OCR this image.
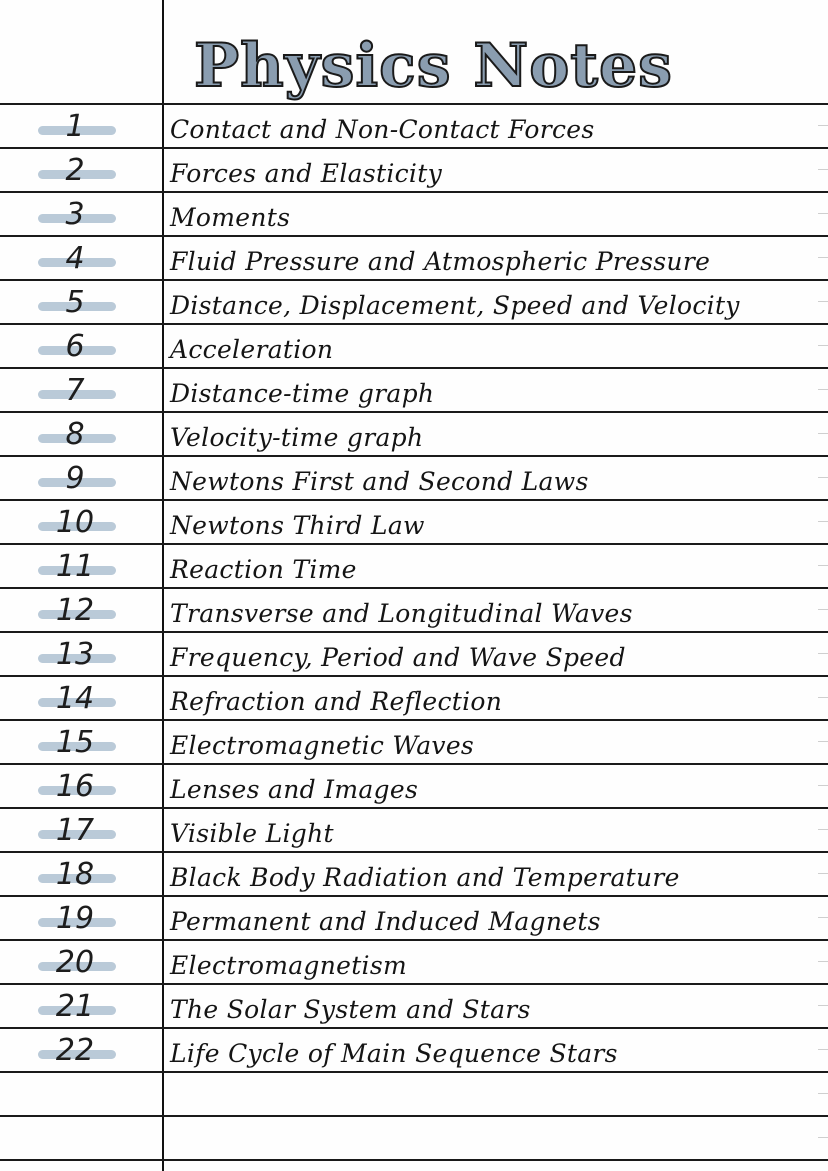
Physics Notes
1	Contact and Non-Contact Forces
2	Forces and Elasticity
3	Moments
4	Fluid Pressure and Atmospheric Pressure
5	Distance, Displacement, Speed and Velocity
6	Acceleration
7	Distance-time graph
8	Velocity-time graph
9	Newtons First and Second Laws
10	Newtons Third Law
11	Reaction Time
12	Transverse and Longitudinal Waves
13	Frequency, Period and Wave Speed
14	Refraction and Reflection
15	Electromagnetic Waves
16	Lenses and Images
17	Visible Light
18	Black Body Radiation and Temperature
19	Permanent and Induced Magnets
20	Electromagnetism
21	The Solar System and Stars
22	Life Cycle of Main Sequence Stars
